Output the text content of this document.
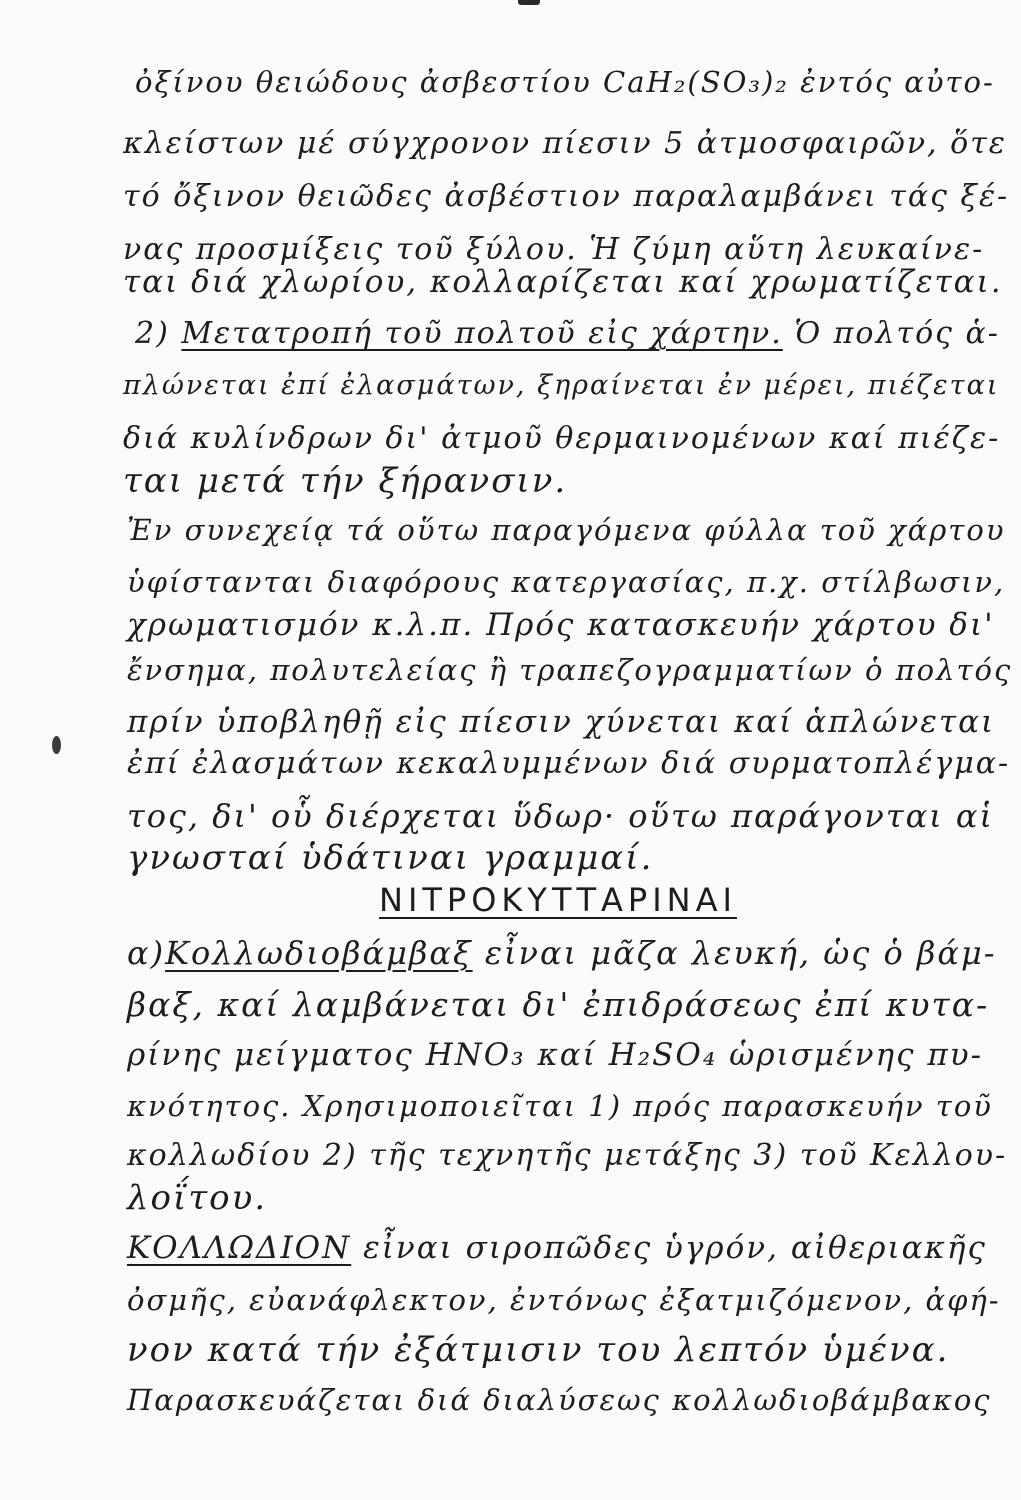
ὀξίνου θειώδους ἀσβεστίου CaH₂(SO₃)₂ ἐντός αὐτο-
κλείστων μέ σύγχρονον πίεσιν 5 ἀτμοσφαιρῶν, ὅτε
τό ὄξινον θειῶδες ἀσβέστιον παραλαμβάνει τάς ξέ-
νας προσμίξεις τοῦ ξύλου. Ἡ ζύμη αὕτη λευκαίνε-
ται διά χλωρίου, κολλαρίζεται καί χρωματίζεται.
2) Μετατροπή τοῦ πολτοῦ εἰς χάρτην. Ὁ πολτός ἁ-
πλώνεται ἐπί ἐλασμάτων, ξηραίνεται ἐν μέρει, πιέζεται
διά κυλίνδρων δι' ἀτμοῦ θερμαινομένων καί πιέζε-
ται μετά τήν ξήρανσιν.
Ἐν συνεχείᾳ τά οὕτω παραγόμενα φύλλα τοῦ χάρτου
ὑφίστανται διαφόρους κατεργασίας, π.χ. στίλβωσιν,
χρωματισμόν κ.λ.π. Πρός κατασκευήν χάρτου δι'
ἔνσημα, πολυτελείας ἢ τραπεζογραμματίων ὁ πολτός
πρίν ὑποβληθῇ εἰς πίεσιν χύνεται καί ἁπλώνεται
ἐπί ἐλασμάτων κεκαλυμμένων διά συρματοπλέγμα-
τος, δι' οὗ διέρχεται ὕδωρ· οὕτω παράγονται αἱ
γνωσταί ὑδάτιναι γραμμαί.
ΝΙΤΡΟΚΥΤΤΑΡΙΝΑΙ
α)Κολλωδιοβάμβαξ εἶναι μᾶζα λευκή, ὡς ὁ βάμ-
βαξ, καί λαμβάνεται δι' ἐπιδράσεως ἐπί κυτα-
ρίνης μείγματος HNO₃ καί H₂SO₄ ὡρισμένης πυ-
κνότητος. Χρησιμοποιεῖται 1) πρός παρασκευήν τοῦ
κολλωδίου 2) τῆς τεχνητῆς μετάξης 3) τοῦ Κελλου-
λοΐτου.
ΚΟΛΛΩΔΙΟΝ εἶναι σιροπῶδες ὑγρόν, αἰθεριακῆς
ὀσμῆς, εὐανάφλεκτον, ἐντόνως ἐξατμιζόμενον, ἀφή-
νον κατά τήν ἐξάτμισιν του λεπτόν ὑμένα.
Παρασκευάζεται διά διαλύσεως κολλωδιοβάμβακος
